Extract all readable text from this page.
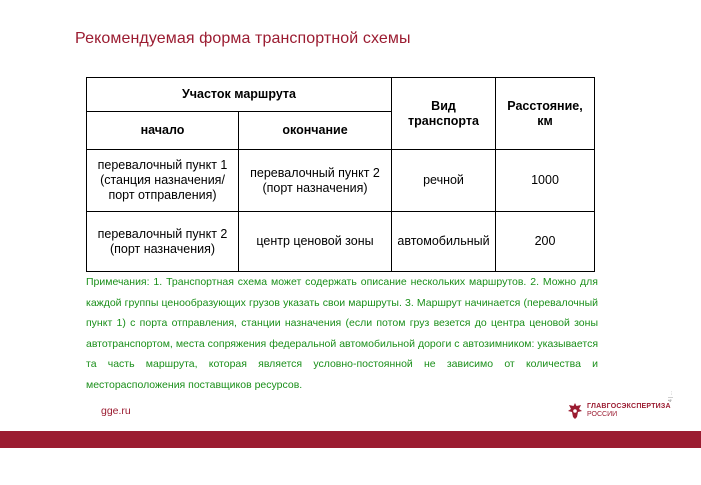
Рекомендуемая форма транспортной схемы
Участок маршрута		Вид транспорта	Расстояние, км
начало	окончание		
перевалочный пункт 1 (станция назначения/порт отправления)	перевалочный пункт 2 (порт назначения)	речной	1000
перевалочный пункт 2 (порт назначения)	центр ценовой зоны	автомобильный	200
Примечания: 1. Транспортная схема может содержать описание нескольких маршрутов. 2. Можно для каждой группы ценообразующих грузов указать свои маршруты. 3. Маршрут начинается (перевалочный пункт 1) с порта отправления, станции назначения (если потом груз везется до центра ценовой зоны автотранспортом, места сопряжения федеральной автомобильной дороги с автозимником: указывается та часть маршрута, которая является условно-постоянной не зависимо от количества и месторасположения поставщиков ресурсов.
gge.ru	ГЛАВГОСЭКСПЕРТИЗА
РОССИИ
4 | ...
